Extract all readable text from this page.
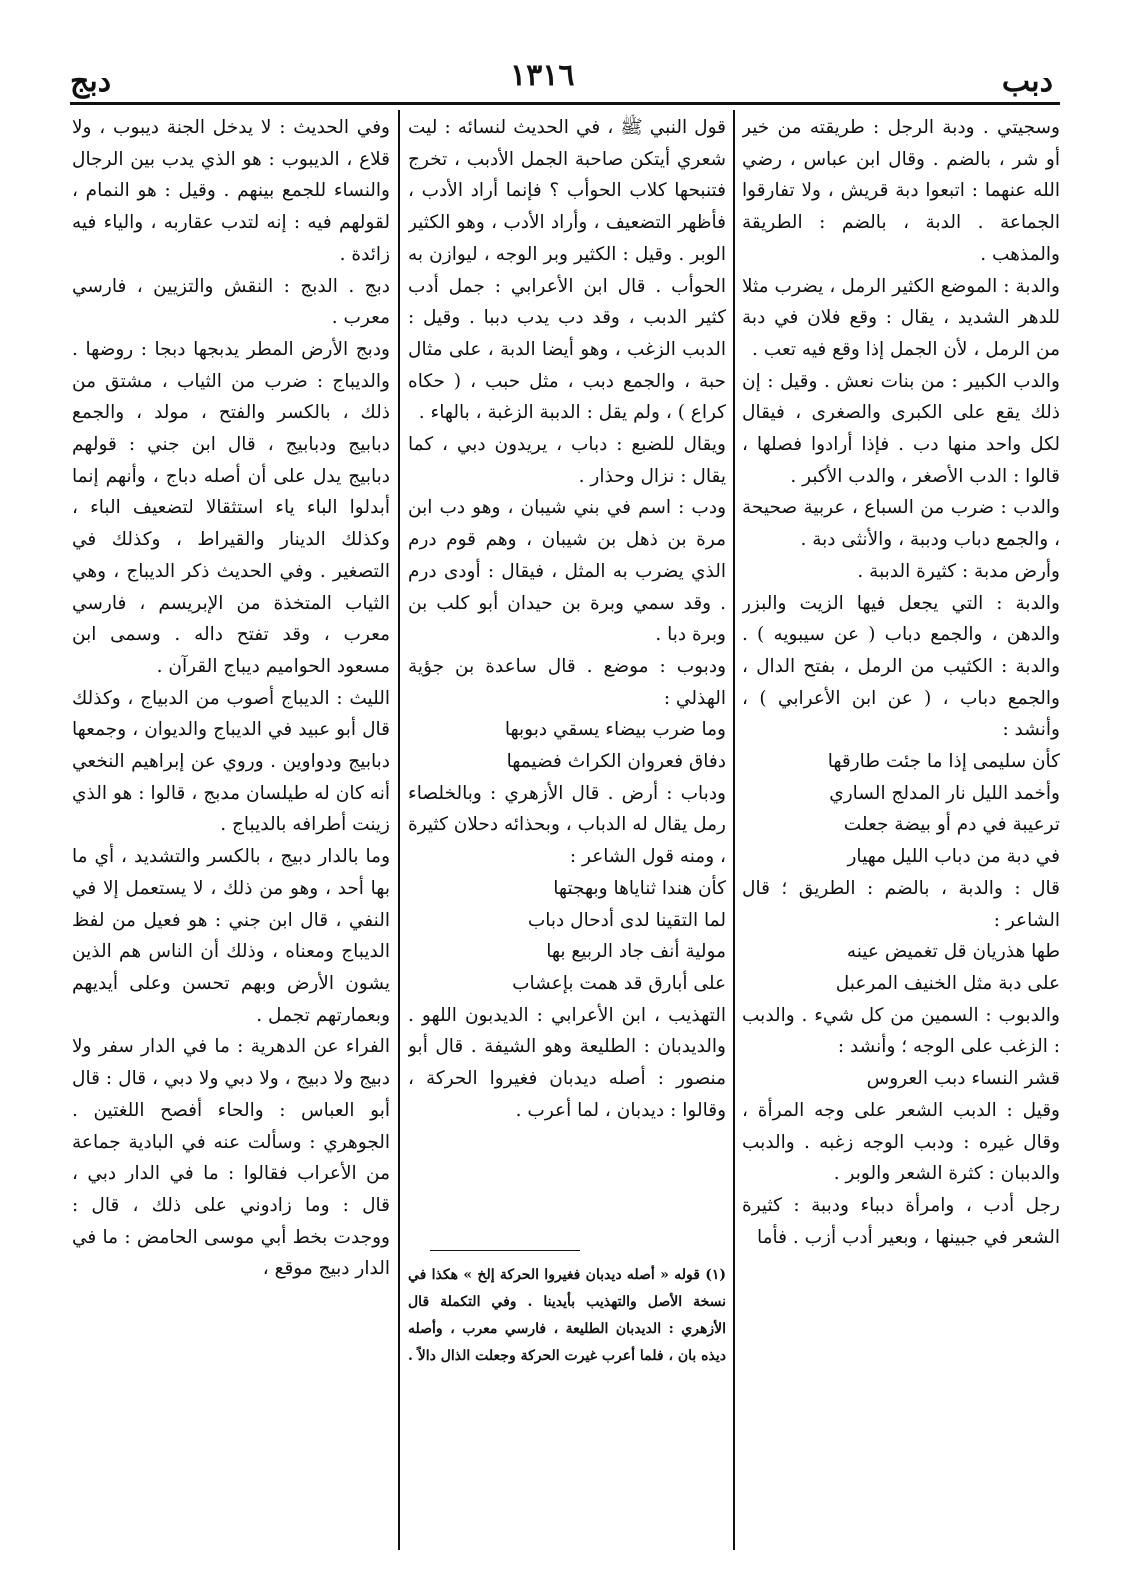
دبج	١٣١٦	دبب

وسجيتي . ودبة الرجل : طريقته من خير أو شر ، بالضم . وقال ابن عباس ، رضي الله عنهما : اتبعوا دبة قريش ، ولا تفارقوا الجماعة . الدبة ، بالضم : الطريقة والمذهب .

والدبة : الموضع الكثير الرمل ، يضرب مثلا للدهر الشديد ، يقال : وقع فلان في دبة من الرمل ، لأن الجمل إذا وقع فيه تعب .

والدب الكبير : من بنات نعش . وقيل : إن ذلك يقع على الكبرى والصغرى ، فيقال لكل واحد منها دب . فإذا أرادوا فصلها ، قالوا : الدب الأصغر ، والدب الأكبر .

والدب : ضرب من السباع ، عربية صحيحة ، والجمع دباب ودببة ، والأنثى دبة .

وأرض مدبة : كثيرة الدببة .

والدبة : التي يجعل فيها الزيت والبزر والدهن ، والجمع دباب ( عن سيبويه ) . والدبة : الكثيب من الرمل ، بفتح الدال ، والجمع دباب ، ( عن ابن الأعرابي ) ، وأنشد :

كأن سليمى إذا ما جئت طارقها

وأخمد الليل نار المدلج الساري

ترعيبة في دم أو بيضة جعلت

في دبة من دباب الليل مهيار

قال : والدبة ، بالضم : الطريق ؛ قال الشاعر :

طها هذريان قل تغميض عينه

على دبة مثل الخنيف المرعبل

والدبوب : السمين من كل شيء . والدبب : الزغب على الوجه ؛ وأنشد :

قشر النساء دبب العروس

وقيل : الدبب الشعر على وجه المرأة ، وقال غيره : ودبب الوجه زغبه . والدبب والدببان : كثرة الشعر والوبر .

رجل أدب ، وامرأة دبباء ودببة : كثيرة الشعر في جبينها ، وبعير أدب أزب . فأما

قول النبي ﷺ ، في الحديث لنسائه : ليت شعري أيتكن صاحبة الجمل الأدبب ، تخرج فتنبحها كلاب الحوأب ؟ فإنما أراد الأدب ، فأظهر التضعيف ، وأراد الأدب ، وهو الكثير الوبر . وقيل : الكثير وبر الوجه ، ليوازن به الحوأب . قال ابن الأعرابي : جمل أدب كثير الدبب ، وقد دب يدب دببا . وقيل : الدبب الزغب ، وهو أيضا الدبة ، على مثال حبة ، والجمع دبب ، مثل حبب ، ( حكاه كراع ) ، ولم يقل : الدببة الزغبة ، بالهاء .

ويقال للضبع : دباب ، يريدون دبي ، كما يقال : نزال وحذار .

ودب : اسم في بني شيبان ، وهو دب ابن مرة بن ذهل بن شيبان ، وهم قوم درم الذي يضرب به المثل ، فيقال : أودى درم . وقد سمي وبرة بن حيدان أبو كلب بن وبرة دبا .

ودبوب : موضع . قال ساعدة بن جؤية الهذلي :

وما ضرب بيضاء يسقي دبوبها

دفاق فعروان الكراث فضيمها

ودباب : أرض . قال الأزهري : وبالخلصاء رمل يقال له الدباب ، وبحذائه دحلان كثيرة ، ومنه قول الشاعر :

كأن هندا ثناياها وبهجتها

لما التقينا لدى أدحال دباب

مولية أنف جاد الربيع بها

على أبارق قد همت بإعشاب

التهذيب ، ابن الأعرابي : الديدبون اللهو . والديدبان : الطليعة وهو الشيفة . قال أبو منصور : أصله ديدبان فغيروا الحركة ، وقالوا : ديدبان ، لما أعرب .

وفي الحديث : لا يدخل الجنة ديبوب ، ولا قلاع ، الديبوب : هو الذي يدب بين الرجال والنساء للجمع بينهم . وقيل : هو النمام ، لقولهم فيه : إنه لتدب عقاربه ، والياء فيه زائدة .

دبج . الدبج : النقش والتزيين ، فارسي معرب .

ودبج الأرض المطر يدبجها دبجا : روضها . والديباج : ضرب من الثياب ، مشتق من ذلك ، بالكسر والفتح ، مولد ، والجمع دبابيج ودبابيج ، قال ابن جني : قولهم دبابيج يدل على أن أصله دباج ، وأنهم إنما أبدلوا الباء ياء استثقالا لتضعيف الباء ، وكذلك الدينار والقيراط ، وكذلك في التصغير . وفي الحديث ذكر الديباج ، وهي الثياب المتخذة من الإبريسم ، فارسي معرب ، وقد تفتح داله . وسمى ابن مسعود الحواميم ديباج القرآن .

الليث : الديباج أصوب من الدبياج ، وكذلك قال أبو عبيد في الديباج والديوان ، وجمعها دبابيج ودواوين . وروي عن إبراهيم النخعي أنه كان له طيلسان مدبج ، قالوا : هو الذي زينت أطرافه بالديباج .

وما بالدار دبيج ، بالكسر والتشديد ، أي ما بها أحد ، وهو من ذلك ، لا يستعمل إلا في النفي ، قال ابن جني : هو فعيل من لفظ الديباج ومعناه ، وذلك أن الناس هم الذين يشون الأرض وبهم تحسن وعلى أيديهم وبعمارتهم تجمل .

الفراء عن الدهرية : ما في الدار سفر ولا دبيج ولا دبيج ، ولا دبي ولا دبي ، قال : قال أبو العباس : والحاء أفصح اللغتين . الجوهري : وسألت عنه في البادية جماعة من الأعراب فقالوا : ما في الدار دبي ، قال : وما زادوني على ذلك ، قال : ووجدت بخط أبي موسى الحامض : ما في الدار دبيج موقع ، (١) قوله « أصله ديدبان فغيروا الحركة إلخ » هكذا في نسخة الأصل والتهذيب بأيدينا . وفي التكملة قال الأزهري : الديدبان الطليعة ، فارسي معرب ، وأصله ديذه بان ، فلما أعرب غيرت الحركة وجعلت الذال دالاً .
